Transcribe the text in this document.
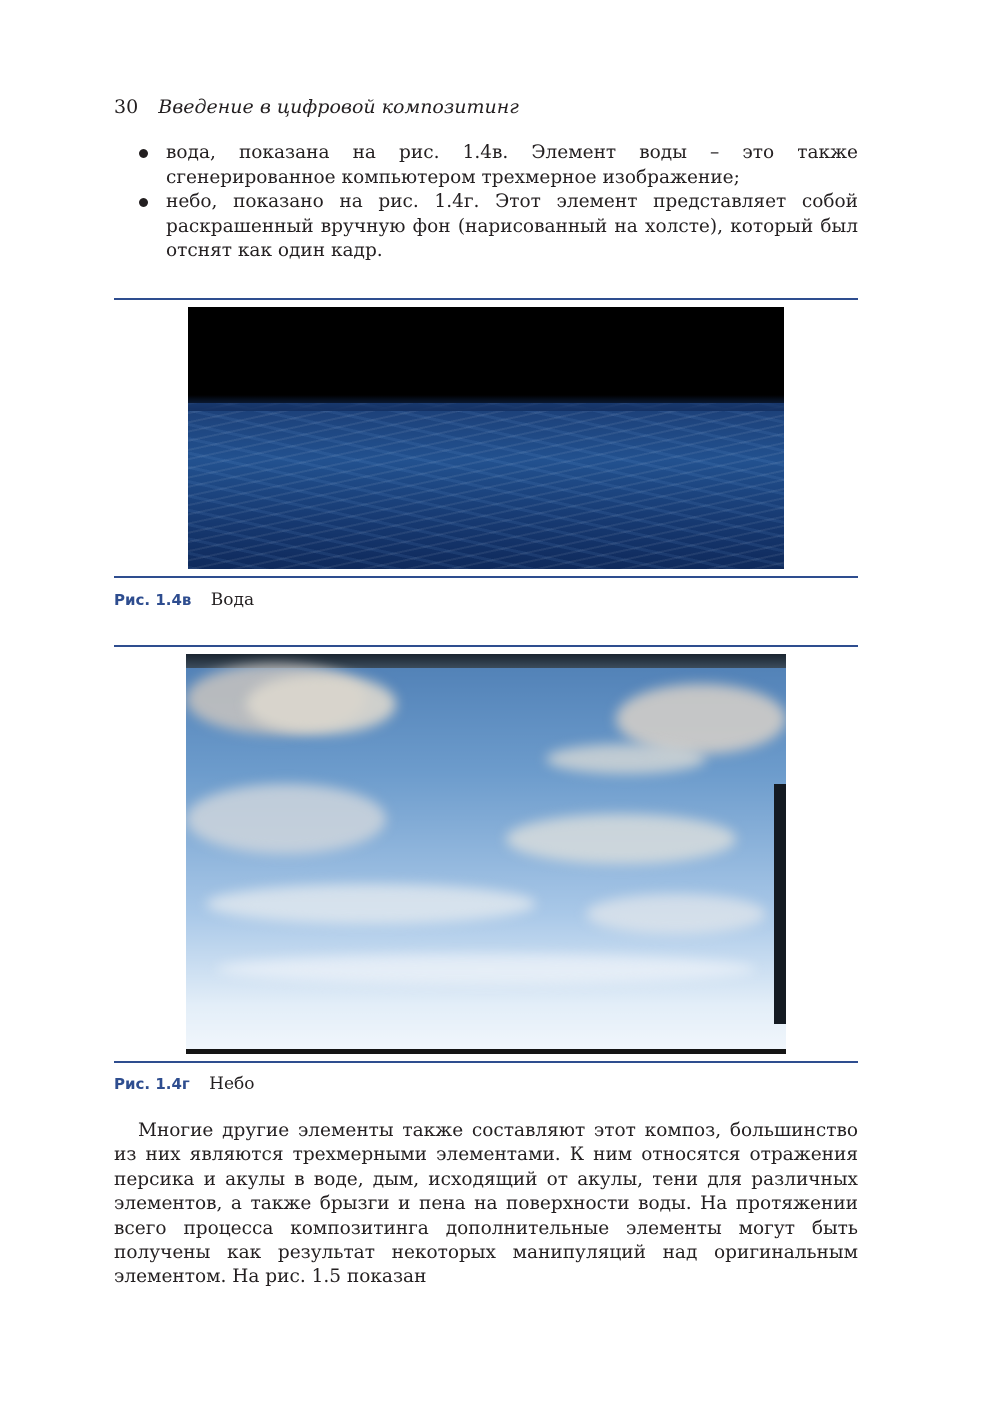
30 Введение в цифровой композитинг
вода, показана на рис. 1.4в. Элемент воды – это также сгенерированное компьютером трехмерное изображение;
небо, показано на рис. 1.4г. Этот элемент представляет собой раскрашенный вручную фон (нарисованный на холсте), который был отснят как один кадр.
Рис. 1.4в Вода
Рис. 1.4г Небо

Многие другие элементы также составляют этот композ, большинство из них являются трехмерными элементами. К ним относятся отражения персика и акулы в воде, дым, исходящий от акулы, тени для различных элементов, а также брызги и пена на поверхности воды. На протяжении всего процесса композитинга дополнительные элементы могут быть получены как результат некоторых манипуляций над оригинальным элементом. На рис. 1.5 показан
